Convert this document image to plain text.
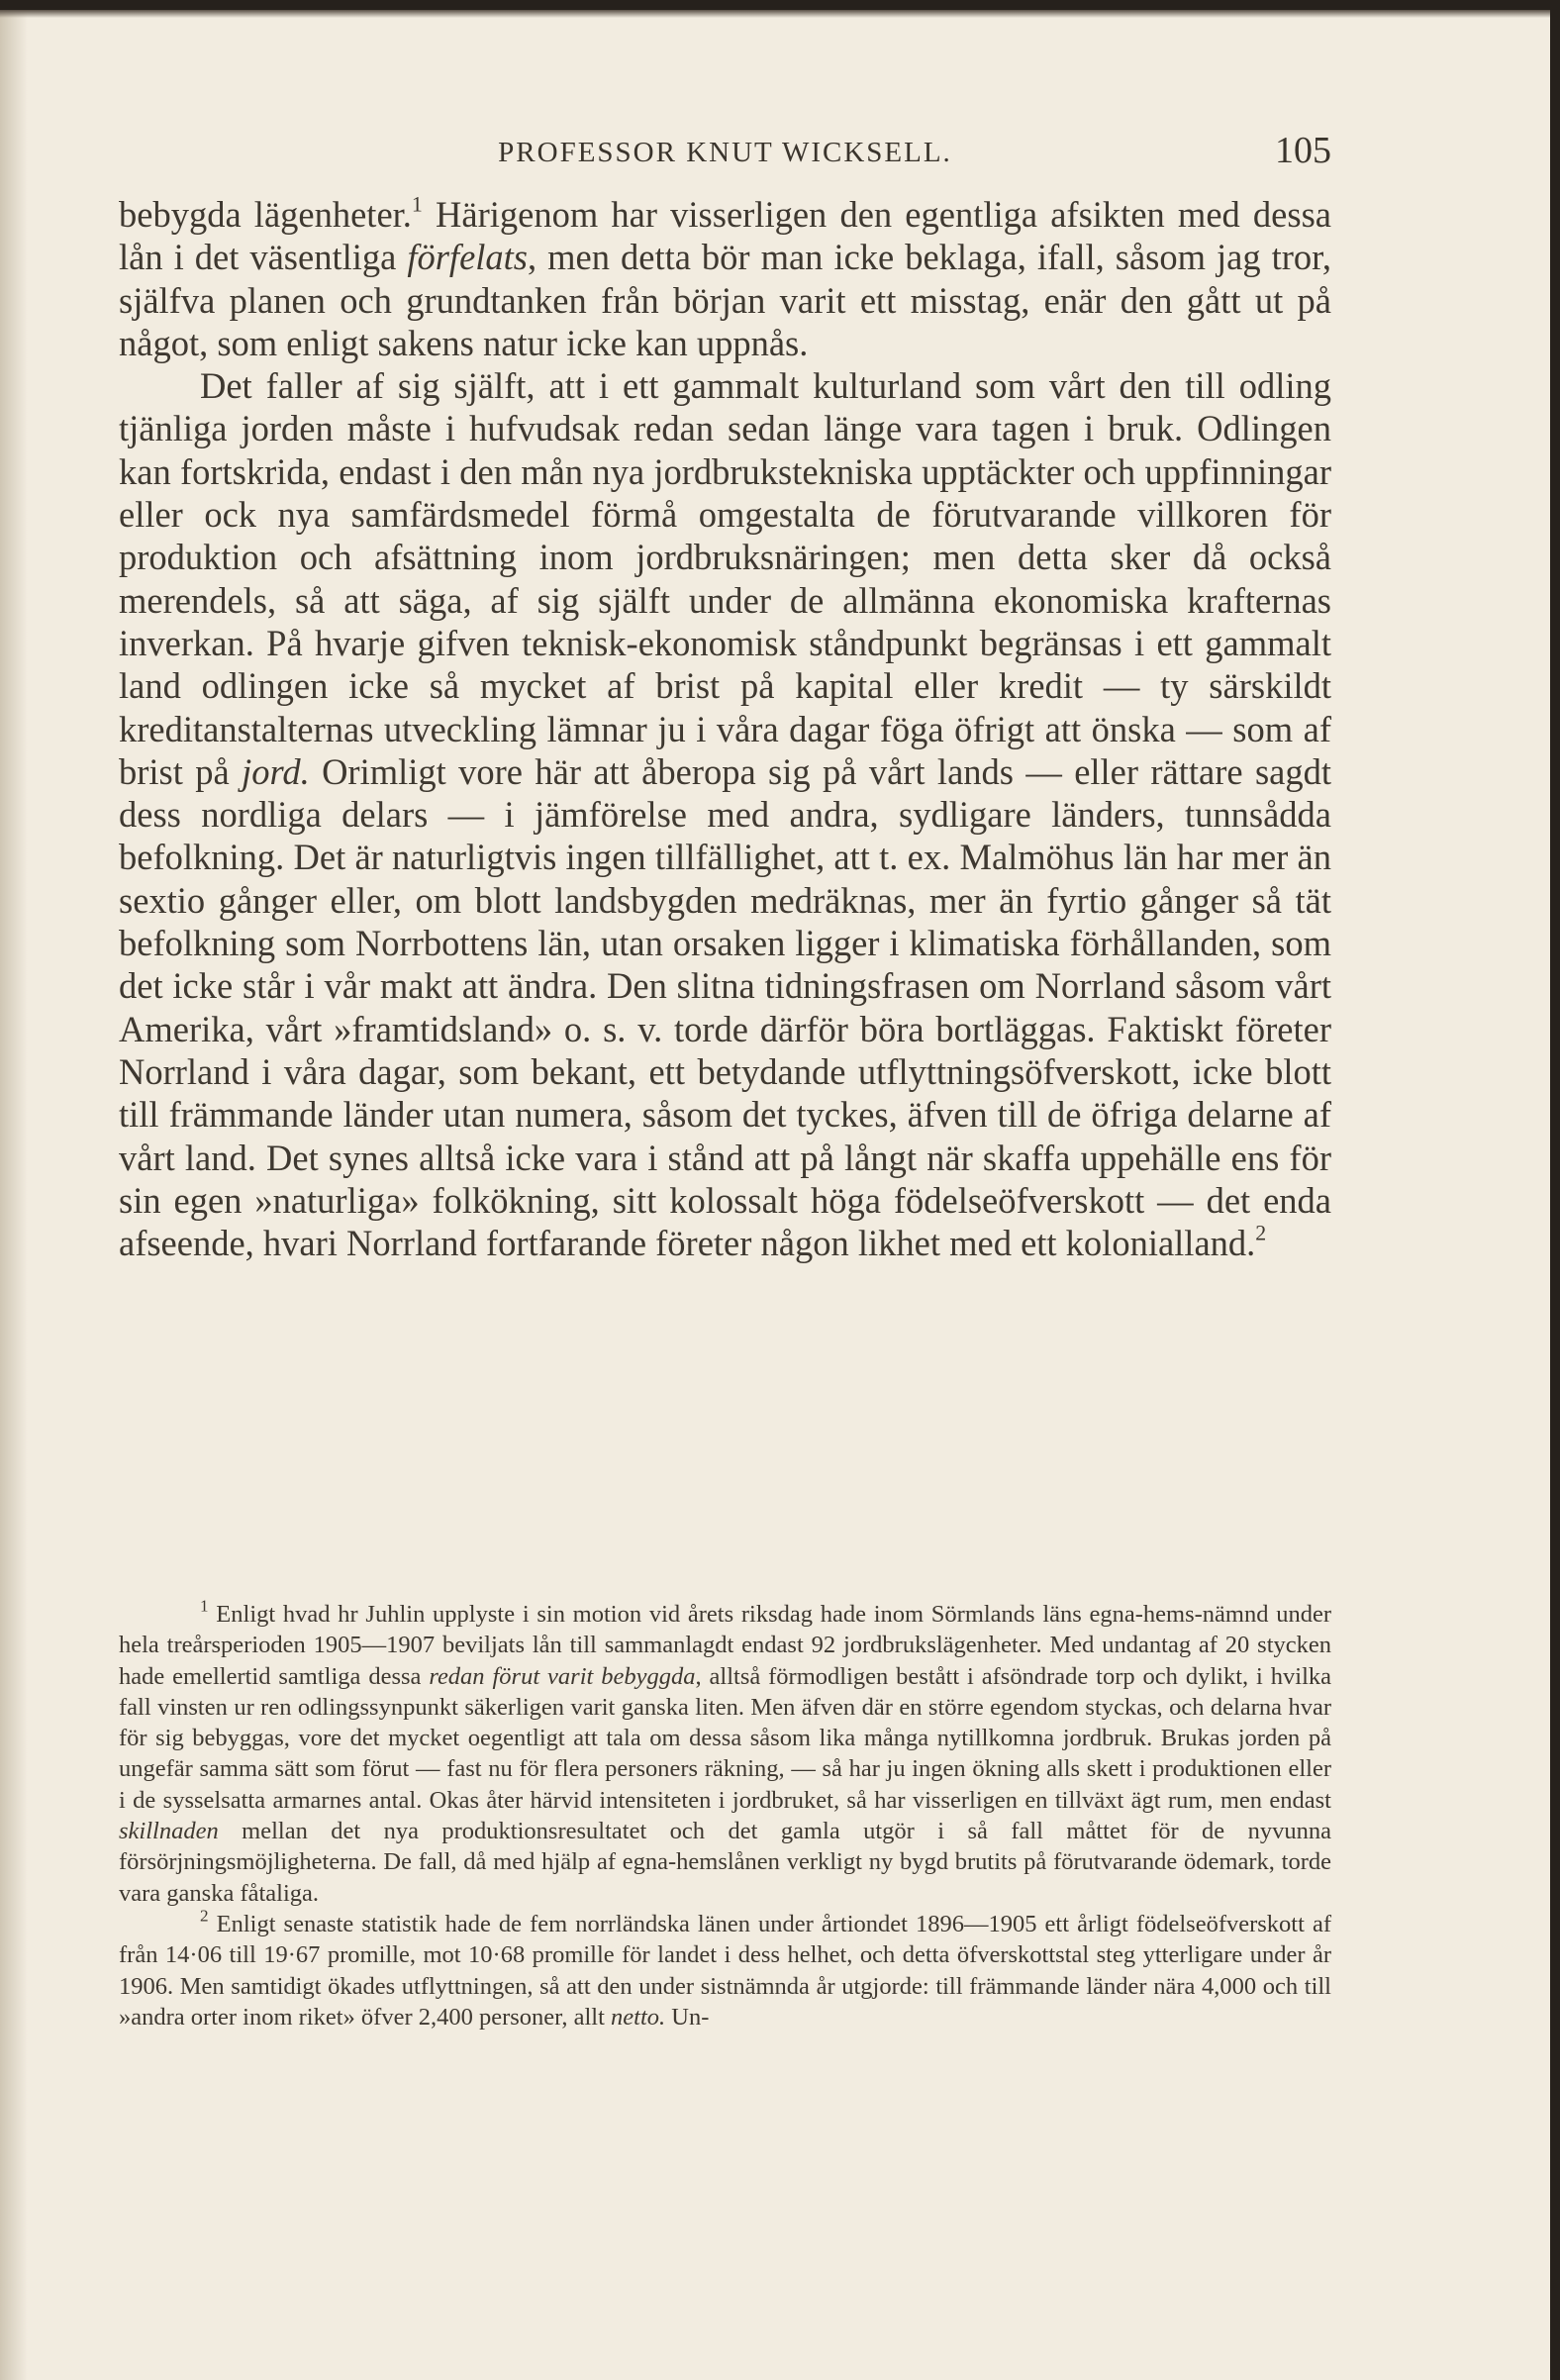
PROFESSOR KNUT WICKSELL.	105

bebygda lägenheter.$^1$ Härigenom har visserligen den egentliga afsikten med dessa lån i det väsentliga förfelats, men detta bör man icke beklaga, ifall, såsom jag tror, själfva planen och grundtanken från början varit ett misstag, enär den gått ut på något, som enligt sakens natur icke kan uppnås.

Det faller af sig själft, att i ett gammalt kulturland som vårt den till odling tjänliga jorden måste i hufvudsak redan sedan länge vara tagen i bruk. Odlingen kan fortskrida, endast i den mån nya jordbrukstekniska upptäckter och uppfinningar eller ock nya samfärdsmedel förmå omgestalta de förutvarande villkoren för produktion och afsättning inom jordbruksnäringen; men detta sker då också merendels, så att säga, af sig själft under de allmänna ekonomiska krafternas inverkan. På hvarje gifven teknisk-ekonomisk ståndpunkt begränsas i ett gammalt land odlingen icke så mycket af brist på kapital eller kredit — ty särskildt kreditanstalternas utveckling lämnar ju i våra dagar föga öfrigt att önska — som af brist på jord. Orimligt vore här att åberopa sig på vårt lands — eller rättare sagdt dess nordliga delars — i jämförelse med andra, sydligare länders, tunnsådda befolkning. Det är naturligtvis ingen tillfällighet, att t. ex. Malmöhus län har mer än sextio gånger eller, om blott landsbygden medräknas, mer än fyrtio gånger så tät befolkning som Norrbottens län, utan orsaken ligger i klimatiska förhållanden, som det icke står i vår makt att ändra. Den slitna tidningsfrasen om Norrland såsom vårt Amerika, vårt »framtidsland» o. s. v. torde därför böra bortläggas. Faktiskt företer Norrland i våra dagar, som bekant, ett betydande utflyttningsöfverskott, icke blott till främmande länder utan numera, såsom det tyckes, äfven till de öfriga delarne af vårt land. Det synes alltså icke vara i stånd att på långt när skaffa uppehälle ens för sin egen »naturliga» folkökning, sitt kolossalt höga födelseöfverskott — det enda afseende, hvari Norrland fortfarande företer någon likhet med ett kolonialland.$^2$

$^1$ Enligt hvad hr Juhlin upplyste i sin motion vid årets riksdag hade inom Sörmlands läns egna-hems-nämnd under hela treårsperioden 1905—1907 beviljats lån till sammanlagdt endast 92 jordbrukslägenheter. Med undantag af 20 stycken hade emellertid samtliga dessa redan förut varit bebyggda, alltså förmodligen bestått i afsöndrade torp och dylikt, i hvilka fall vinsten ur ren odlingssynpunkt säkerligen varit ganska liten. Men äfven där en större egendom styckas, och delarna hvar för sig bebyggas, vore det mycket oegentligt att tala om dessa såsom lika många nytillkomna jordbruk. Brukas jorden på ungefär samma sätt som förut — fast nu för flera personers räkning, — så har ju ingen ökning alls skett i produktionen eller i de sysselsatta armarnes antal. Okas åter härvid intensiteten i jordbruket, så har visserligen en tillväxt ägt rum, men endast skillnaden mellan det nya produktionsresultatet och det gamla utgör i så fall måttet för de nyvunna försörjningsmöjligheterna. De fall, då med hjälp af egna-hemslånen verkligt ny bygd brutits på förutvarande ödemark, torde vara ganska fåtaliga.

$^2$ Enligt senaste statistik hade de fem norrländska länen under årtiondet 1896—1905 ett årligt födelseöfverskott af från 14·06 till 19·67 promille, mot 10·68 promille för landet i dess helhet, och detta öfverskottstal steg ytterligare under år 1906. Men samtidigt ökades utflyttningen, så att den under sistnämnda år utgjorde: till främmande länder nära 4,000 och till »andra orter inom riket» öfver 2,400 personer, allt netto. Un-
